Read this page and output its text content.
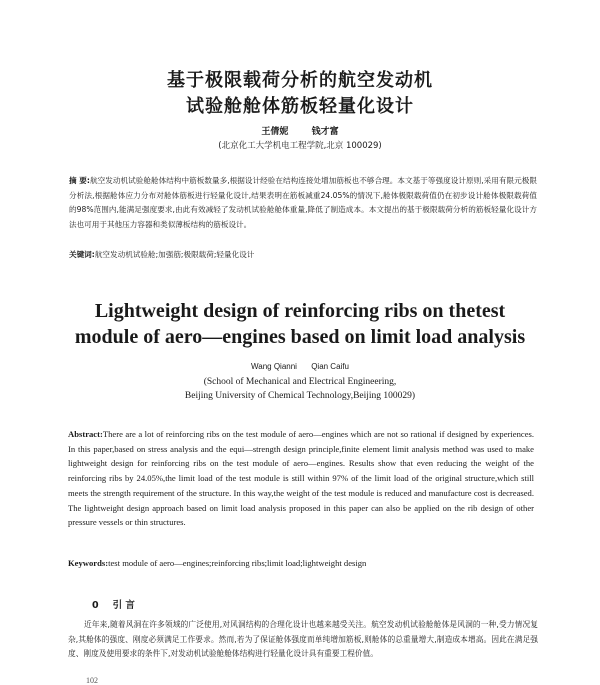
基于极限载荷分析的航空发动机
试验舱舱体筋板轻量化设计
王倩妮	钱才富
(北京化工大学机电工程学院,北京 100029)
摘 要:航空发动机试验舱舱体结构中筋板数量多,根据设计经验在结构连接处增加筋板也不够合理。本文基于等强度设计原则,采用有限元极限分析法,根据舱体应力分布对舱体筋板进行轻量化设计,结果表明在筋板减重24.05%的情况下,舱体极限载荷值仍在初步设计舱体极限载荷值的98%范围内,能满足强度要求,由此有效减轻了发动机试验舱舱体重量,降低了制造成本。本文提出的基于极限载荷分析的筋板轻量化设计方法也可用于其他压力容器和类似薄板结构的筋板设计。
关键词:航空发动机试验舱;加强筋;极限载荷;轻量化设计
Lightweight design of reinforcing ribs on thetest
module of aero—engines based on limit load analysis
Wang Qianni Qian Caifu
(School of Mechanical and Electrical Engineering,
Beijing University of Chemical Technology,Beijing 100029)
Abstract:There are a lot of reinforcing ribs on the test module of aero—engines which are not so rational if designed by experiences. In this paper,based on stress analysis and the equi—strength design principle,finite element limit analysis method was used to make lightweight design for reinforcing ribs on the test module of aero—engines. Results show that even reducing the weight of the reinforcing ribs by 24.05%,the limit load of the test module is still within 97% of the limit load of the original structure,which still meets the strength requirement of the structure. In this way,the weight of the test module is reduced and manufacture cost is decreased. The lightweight design approach based on limit load analysis proposed in this paper can also be applied on the rib design of other pressure vessels or thin structures.
Keywords:test module of aero—engines;reinforcing ribs;limit load;lightweight design
0 引 言
近年来,随着风洞在许多领域的广泛使用,对风洞结构的合理化设计也越来越受关注。航空发动机试验舱舱体是风洞的一种,受力情况复杂,其舱体的强度、刚度必须满足工作要求。然而,若为了保证舱体强度而单纯增加筋板,则舱体的总重量增大,制造成本增高。因此在满足强度、刚度及使用要求的条件下,对发动机试验舱舱体结构进行轻量化设计具有重要工程价值。
102
